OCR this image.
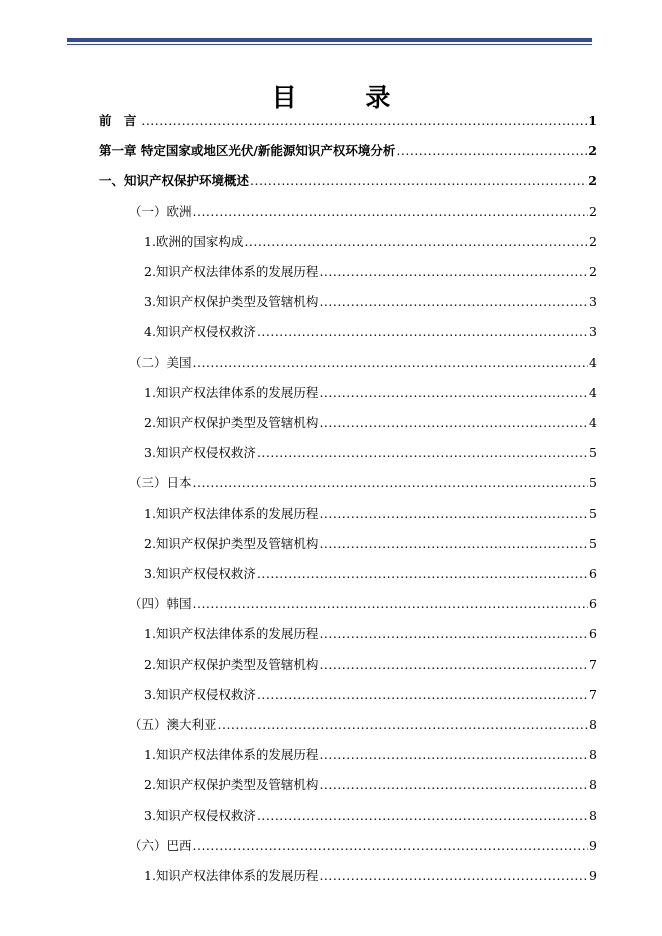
目 录
前 言 .....	1
第一章 特定国家或地区光伏/新能源知识产权环境分析 .....	2
一、知识产权保护环境概述 .....	2
（一）欧洲 .....	2
1.欧洲的国家构成 .....	2
2.知识产权法律体系的发展历程 .....	2
3.知识产权保护类型及管辖机构 .....	3
4.知识产权侵权救济 .....	3
（二）美国 .....	4
1.知识产权法律体系的发展历程 .....	4
2.知识产权保护类型及管辖机构 .....	4
3.知识产权侵权救济 .....	5
（三）日本 .....	5
1.知识产权法律体系的发展历程 .....	5
2.知识产权保护类型及管辖机构 .....	5
3.知识产权侵权救济 .....	6
（四）韩国 .....	6
1.知识产权法律体系的发展历程 .....	6
2.知识产权保护类型及管辖机构 .....	7
3.知识产权侵权救济 .....	7
（五）澳大利亚 .....	8
1.知识产权法律体系的发展历程 .....	8
2.知识产权保护类型及管辖机构 .....	8
3.知识产权侵权救济 .....	8
（六）巴西 .....	9
1.知识产权法律体系的发展历程 .....	9
